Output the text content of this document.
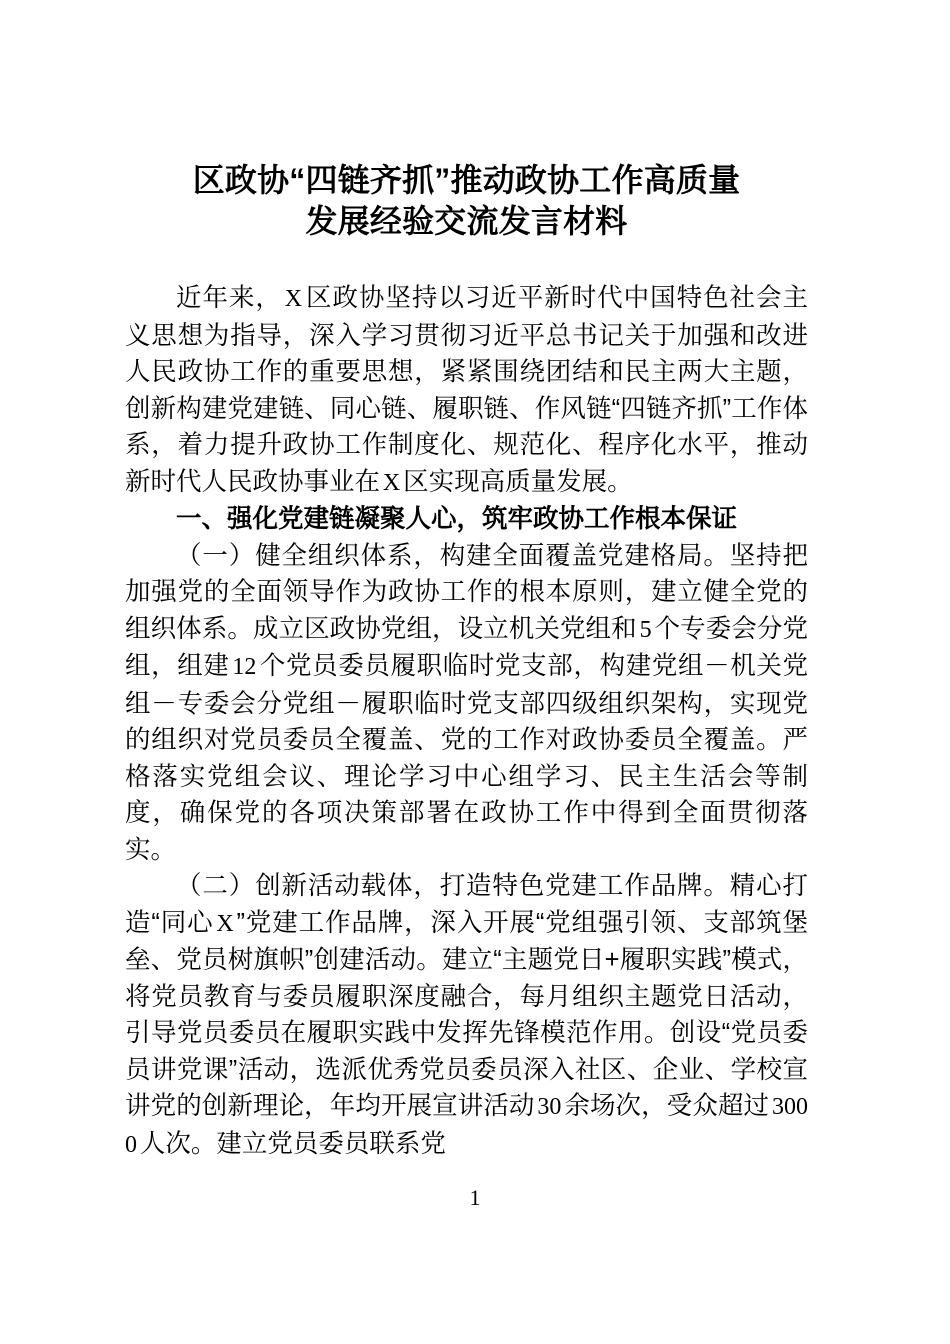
区政协“四链齐抓”推动政协工作高质量
发展经验交流发言材料

近年来， X 区政协坚持以习近平新时代中国特色社会主义思想为指导，深入学习贯彻习近平总书记关于加强和改进人民政协工作的重要思想，紧紧围绕团结和民主两大主题，创新构建党建链、同心链、履职链、作风链“四链齐抓”工作体系，着力提升政协工作制度化、规范化、程序化水平，推动新时代人民政协事业在 X 区实现高质量发展。

一、强化党建链凝聚人心，筑牢政协工作根本保证

（一）健全组织体系，构建全面覆盖党建格局。坚持把加强党的全面领导作为政协工作的根本原则，建立健全党的组织体系。成立区政协党组，设立机关党组和 5 个专委会分党组，组建 12 个党员委员履职临时党支部，构建党组－机关党组－专委会分党组－履职临时党支部四级组织架构，实现党的组织对党员委员全覆盖、党的工作对政协委员全覆盖。严格落实党组会议、理论学习中心组学习、民主生活会等制度，确保党的各项决策部署在政协工作中得到全面贯彻落实。

（二）创新活动载体，打造特色党建工作品牌。精心打造“同心 X ”党建工作品牌，深入开展“党组强引领、支部筑堡垒、党员树旗帜”创建活动。建立“主题党日+履职实践”模式，将党员教育与委员履职深度融合，每月组织主题党日活动，引导党员委员在履职实践中发挥先锋模范作用。创设“党员委员讲党课”活动，选派优秀党员委员深入社区、企业、学校宣讲党的创新理论，年均开展宣讲活动 30 余场次，受众超过 3000 人次。建立党员委员联系党

1
